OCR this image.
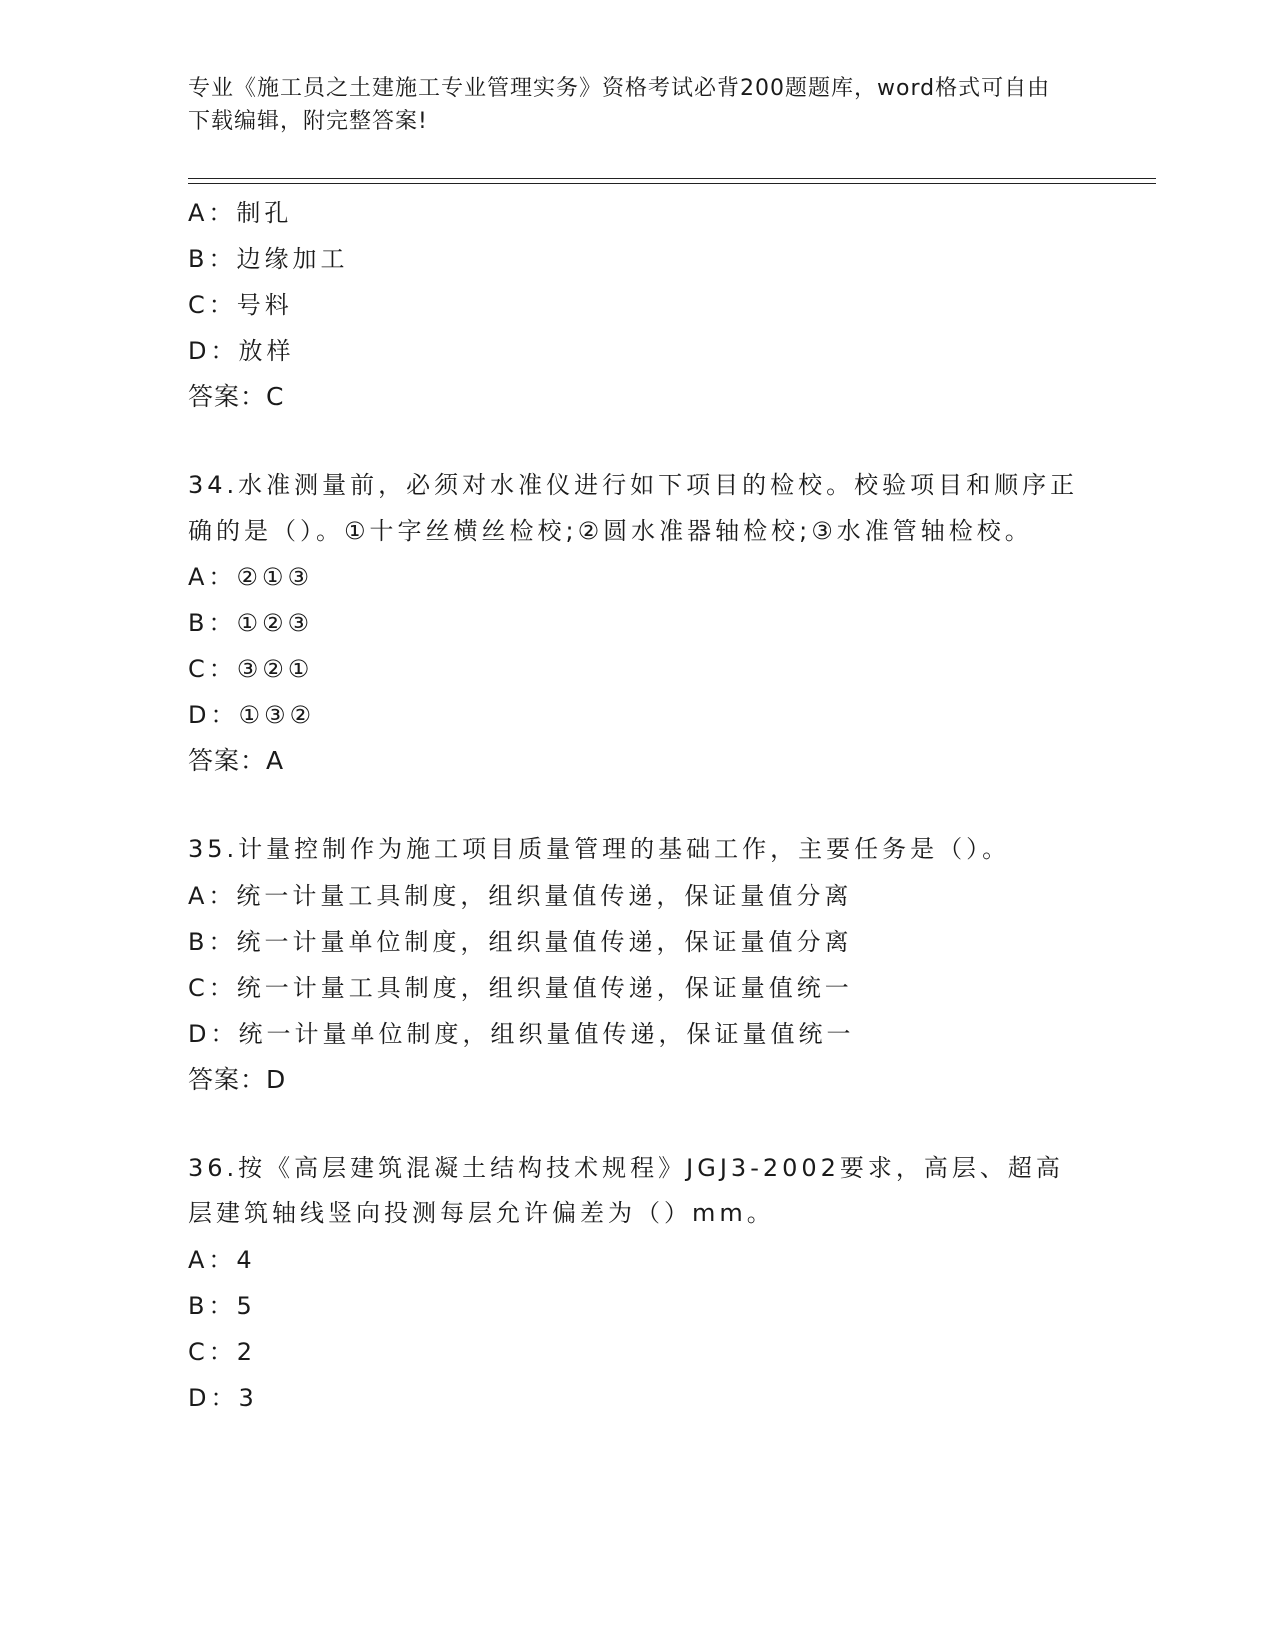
专业《施工员之土建施工专业管理实务》资格考试必背200题题库，word格式可自由下载编辑，附完整答案!
A：制孔
B：边缘加工
C：号料
D：放样
答案：C
34.水准测量前，必须对水准仪进行如下项目的检校。校验项目和顺序正确的是（）。①十字丝横丝检校;②圆水准器轴检校;③水准管轴检校。
A：②①③
B：①②③
C：③②①
D：①③②
答案：A
35.计量控制作为施工项目质量管理的基础工作，主要任务是（）。
A：统一计量工具制度，组织量值传递，保证量值分离
B：统一计量单位制度，组织量值传递，保证量值分离
C：统一计量工具制度，组织量值传递，保证量值统一
D：统一计量单位制度，组织量值传递，保证量值统一
答案：D
36.按《高层建筑混凝土结构技术规程》JGJ3-2002要求，高层、超高层建筑轴线竖向投测每层允许偏差为（）mm。
A：4
B：5
C：2
D：3
